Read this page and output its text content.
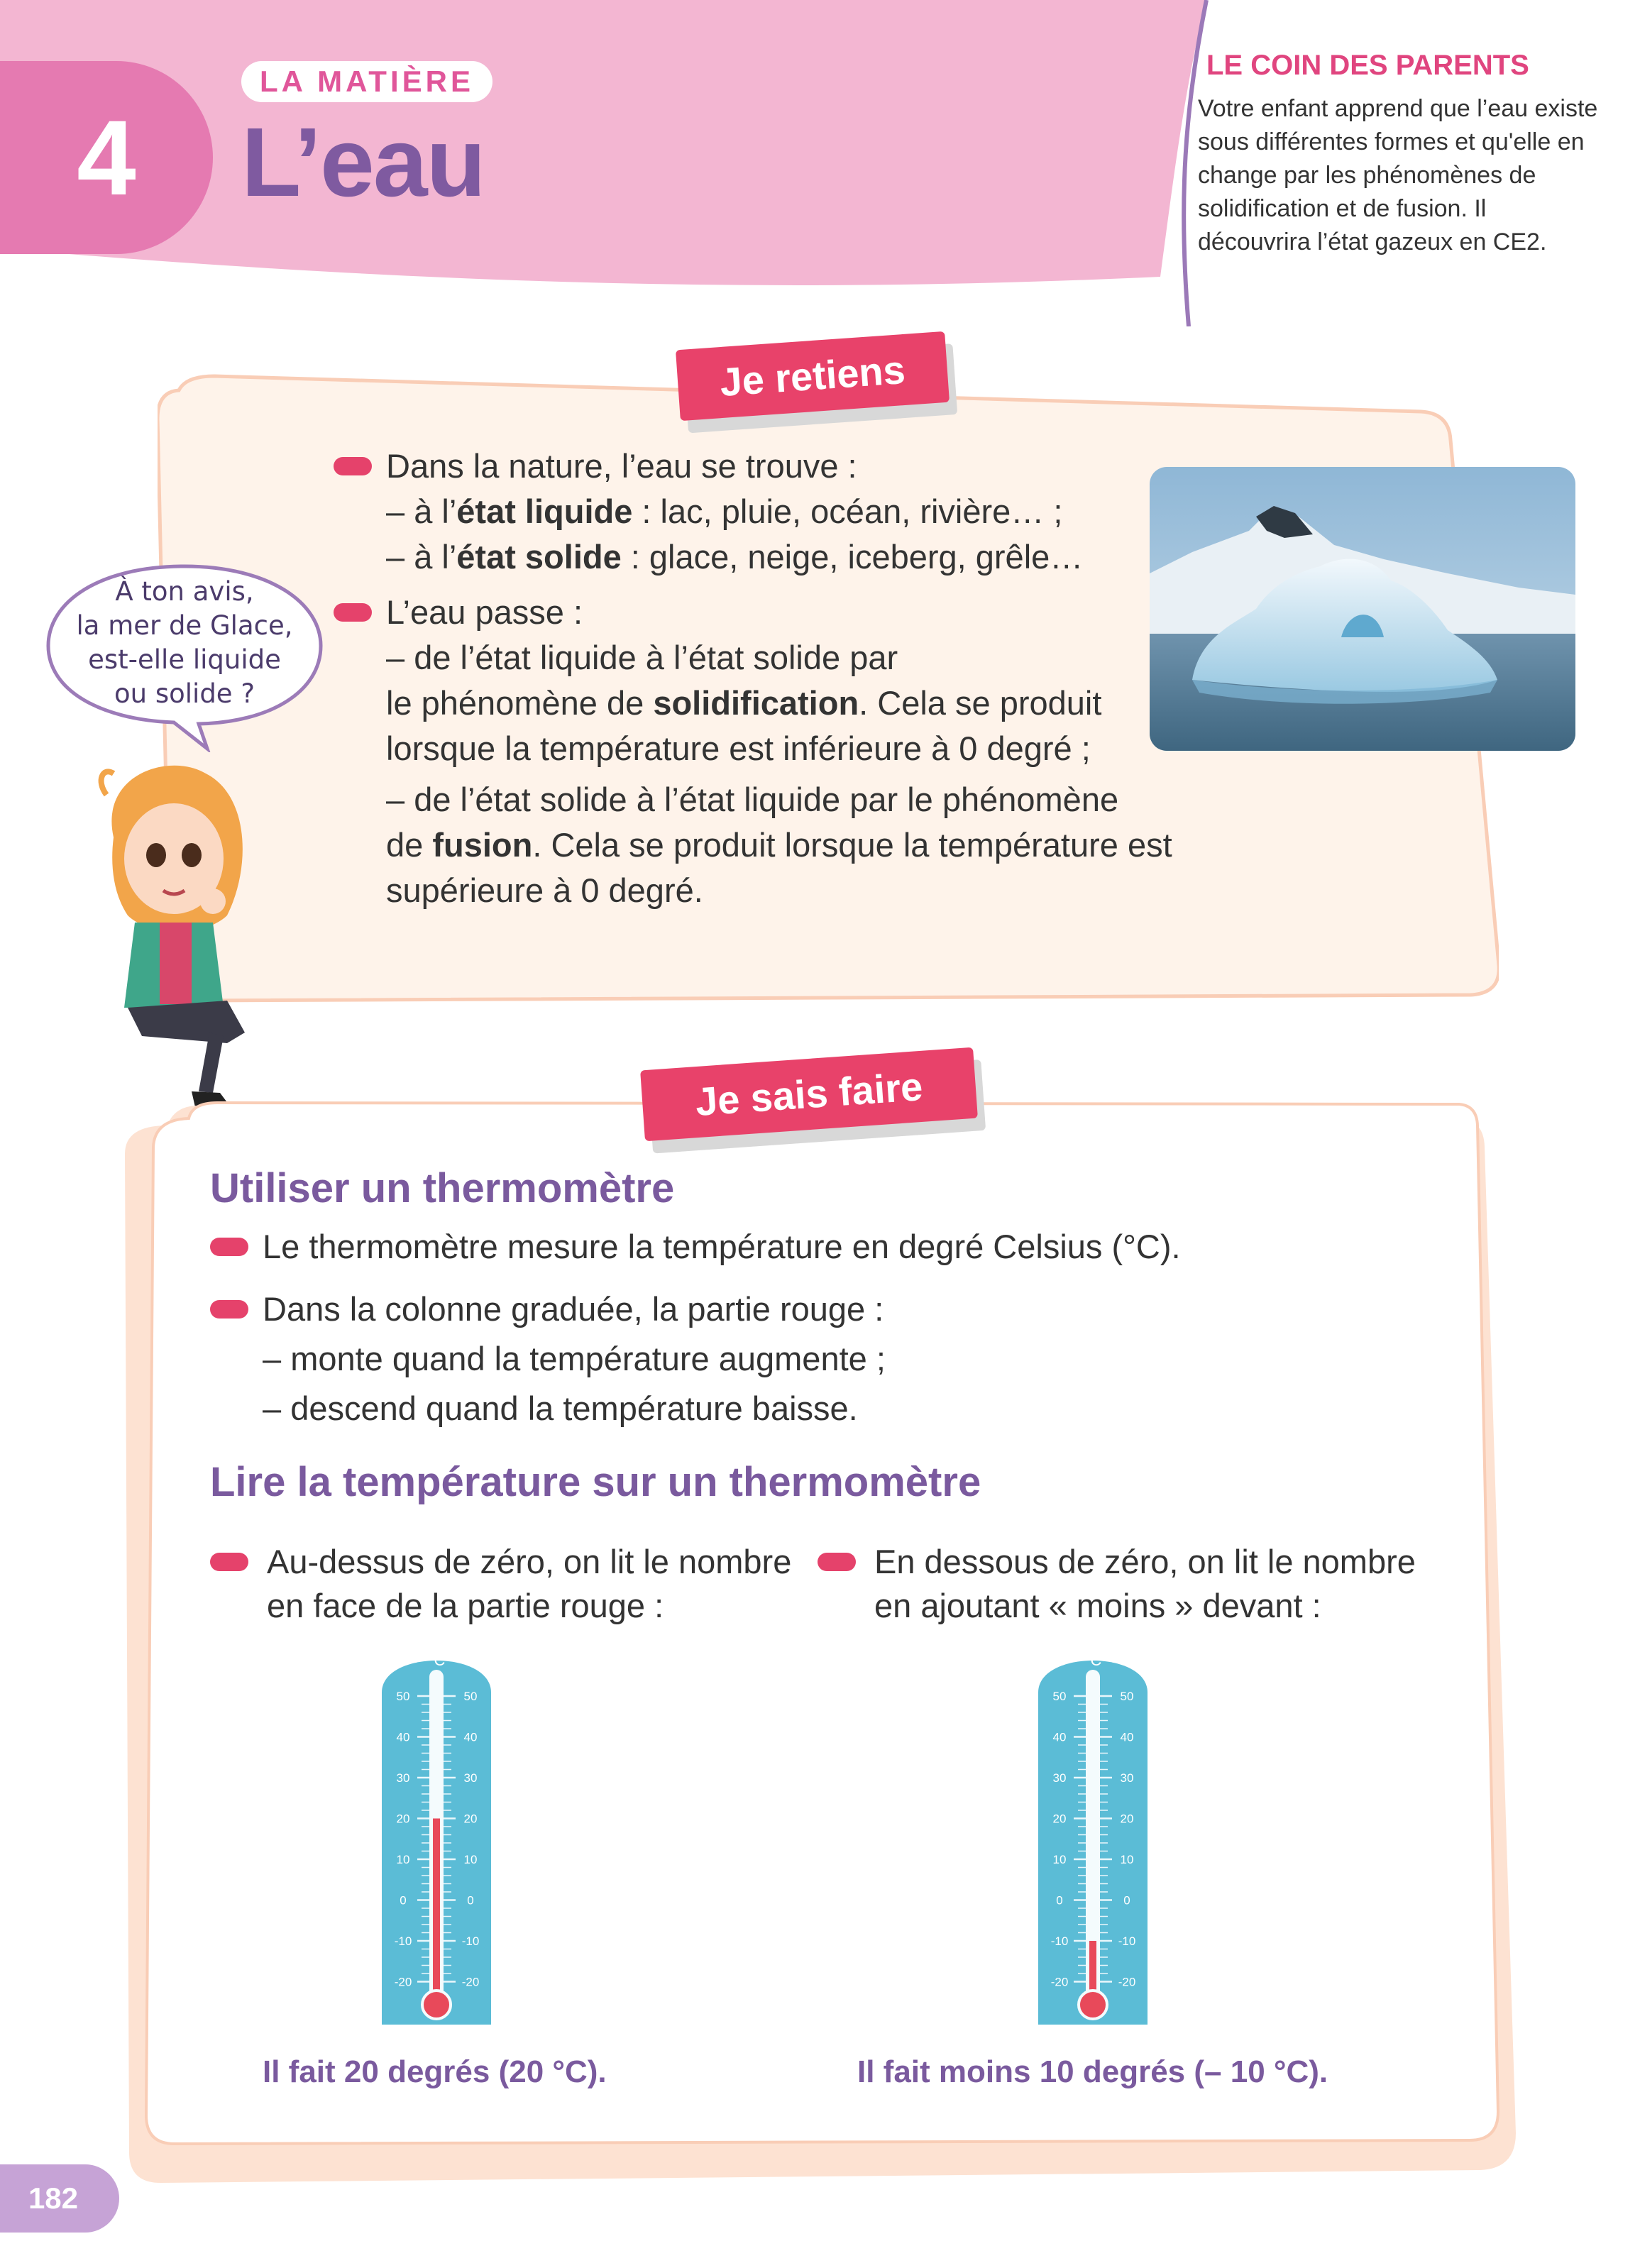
4
LA MATIÈRE
L’eau
LE COIN DES PARENTS
Votre enfant apprend que l’eau existe sous différentes formes et qu'elle en change par les phénomènes de solidification et de fusion. Il découvrira l’état gazeux en CE2.
Je retiens
Dans la nature, l’eau se trouve :
– à l’état liquide : lac, pluie, océan, rivière… ;
– à l’état solide : glace, neige, iceberg, grêle…
L’eau passe :
– de l’état liquide à l’état solide par
le phénomène de solidification. Cela se produit lorsque la température est inférieure à 0 degré ;
– de l’état solide à l’état liquide par le phénomène
de fusion. Cela se produit lorsque la température est supérieure à 0 degré.
À ton avis,
la mer de Glace,
est-elle liquide
ou solide ?
Je sais faire
Utiliser un thermomètre
Le thermomètre mesure la température en degré Celsius (°C).
Dans la colonne graduée, la partie rouge :
– monte quand la température augmente ;
– descend quand la température baisse.
Lire la température sur un thermomètre
Au-dessus de zéro, on lit le nombre en face de la partie rouge :
En dessous de zéro, on lit le nombre en ajoutant « moins » devant :
°C
50	50
40	40
30	30
20	20
10	10
0	0
-10	-10
-20	-20
°C
50	50
40	40
30	30
20	20
10	10
0	0
-10	-10
-20	-20
Il fait 20 degrés (20 °C).	Il fait moins 10 degrés (– 10 °C).
182
